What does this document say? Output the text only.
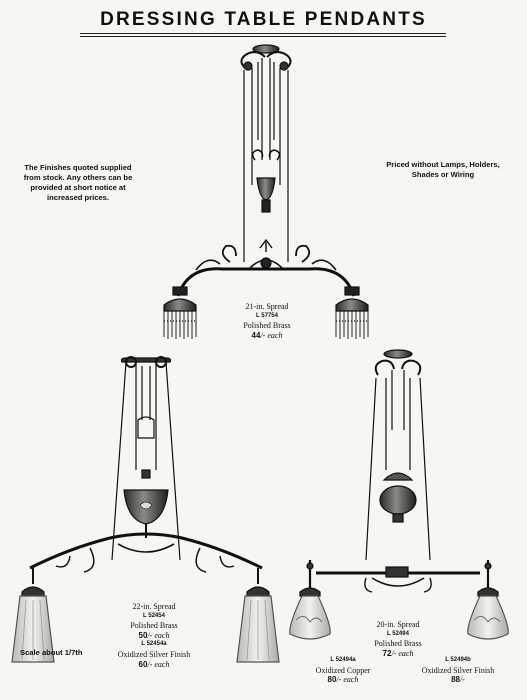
DRESSING TABLE PENDANTS
The Finishes quoted supplied from stock. Any others can be provided at short notice at increased prices.
Priced without Lamps, Holders, Shades or Wiring
21-in. Spread
L 57754
Polished Brass
44/- each
22-in. Spread
L 52454
Polished Brass
50/- each
L 52454a
Oxidized Silver Finish
60/- each
20-in. Spread
L 52494
Polished Brass
72/- each
L 52494a
Oxidized Copper
80/- each
L 52494b
Oxidized Silver Finish
88/-
Scale about 1/7th
